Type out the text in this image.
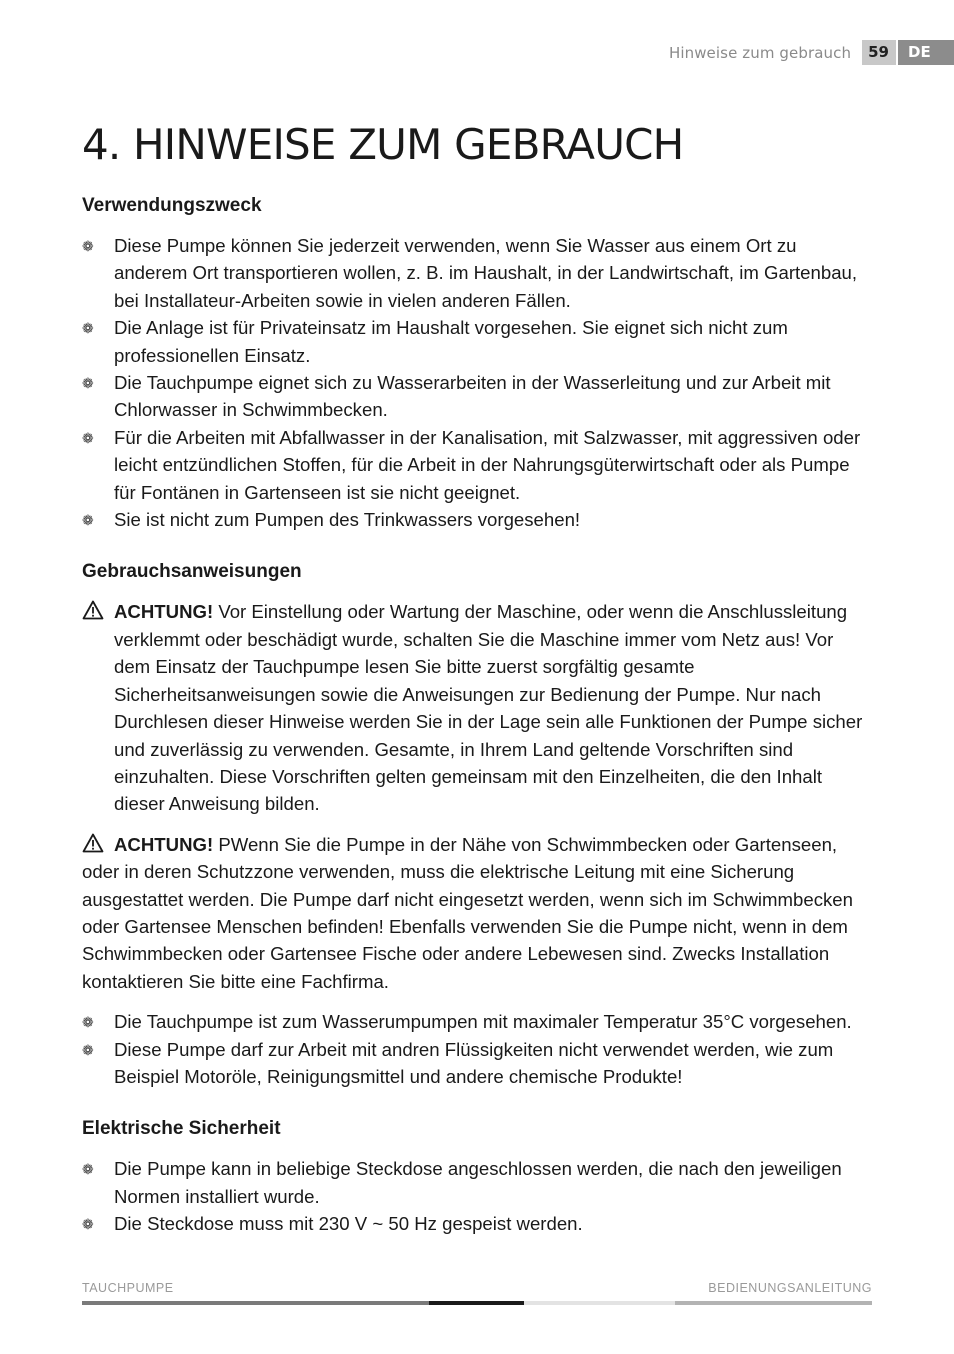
Hinweise zum gebrauch	59	DE
4. HINWEISE ZUM GEBRAUCH
Verwendungszweck
❁ Diese Pumpe können Sie jederzeit verwenden, wenn Sie Wasser aus einem Ort zu anderem Ort transportieren wollen, z. B. im Haushalt, in der Landwirtschaft, im Gartenbau, bei Installateur-Arbeiten sowie in vielen anderen Fällen.
❁ Die Anlage ist für Privateinsatz im Haushalt vorgesehen. Sie eignet sich nicht zum professionellen Einsatz.
❁ Die Tauchpumpe eignet sich zu Wasserarbeiten in der Wasserleitung und zur Arbeit mit Chlorwasser in Schwimmbecken.
❁ Für die Arbeiten mit Abfallwasser in der Kanalisation, mit Salzwasser, mit aggressiven oder leicht entzündlichen Stoffen, für die Arbeit in der Nahrungsgüterwirtschaft oder als Pumpe für Fontänen in Gartenseen ist sie nicht geeignet.
❁ Sie ist nicht zum Pumpen des Trinkwassers vorgesehen!
Gebrauchsanweisungen
ACHTUNG! Vor Einstellung oder Wartung der Maschine, oder wenn die Anschlussleitung verklemmt oder beschädigt wurde, schalten Sie die Maschine immer vom Netz aus! Vor dem Einsatz der Tauchpumpe lesen Sie bitte zuerst sorgfältig gesamte Sicherheitsanweisungen sowie die Anweisungen zur Bedienung der Pumpe. Nur nach Durchlesen dieser Hinweise werden Sie in der Lage sein alle Funktionen der Pumpe sicher und zuverlässig zu verwenden. Gesamte, in Ihrem Land geltende Vorschriften sind einzuhalten. Diese Vorschriften gelten gemeinsam mit den Einzelheiten, die den Inhalt dieser Anweisung bilden.
ACHTUNG! PWenn Sie die Pumpe in der Nähe von Schwimmbecken oder Gartenseen, oder in deren Schutzzone verwenden, muss die elektrische Leitung mit eine Sicherung ausgestattet werden. Die Pumpe darf nicht eingesetzt werden, wenn sich im Schwimmbecken oder Gartensee Menschen befinden! Ebenfalls verwenden Sie die Pumpe nicht, wenn in dem Schwimmbecken oder Gartensee Fische oder andere Lebewesen sind. Zwecks Installation kontaktieren Sie bitte eine Fachfirma.
❁ Die Tauchpumpe ist zum Wasserumpumpen mit maximaler Temperatur 35°C vorgesehen.
❁ Diese Pumpe darf zur Arbeit mit andren Flüssigkeiten nicht verwendet werden, wie zum Beispiel Motoröle, Reinigungsmittel und andere chemische Produkte!
Elektrische Sicherheit
❁ Die Pumpe kann in beliebige Steckdose angeschlossen werden, die nach den jeweiligen Normen installiert wurde.
❁ Die Steckdose muss mit 230 V ~ 50 Hz gespeist werden.
TAUCHPUMPE	BEDIENUNGSANLEITUNG
